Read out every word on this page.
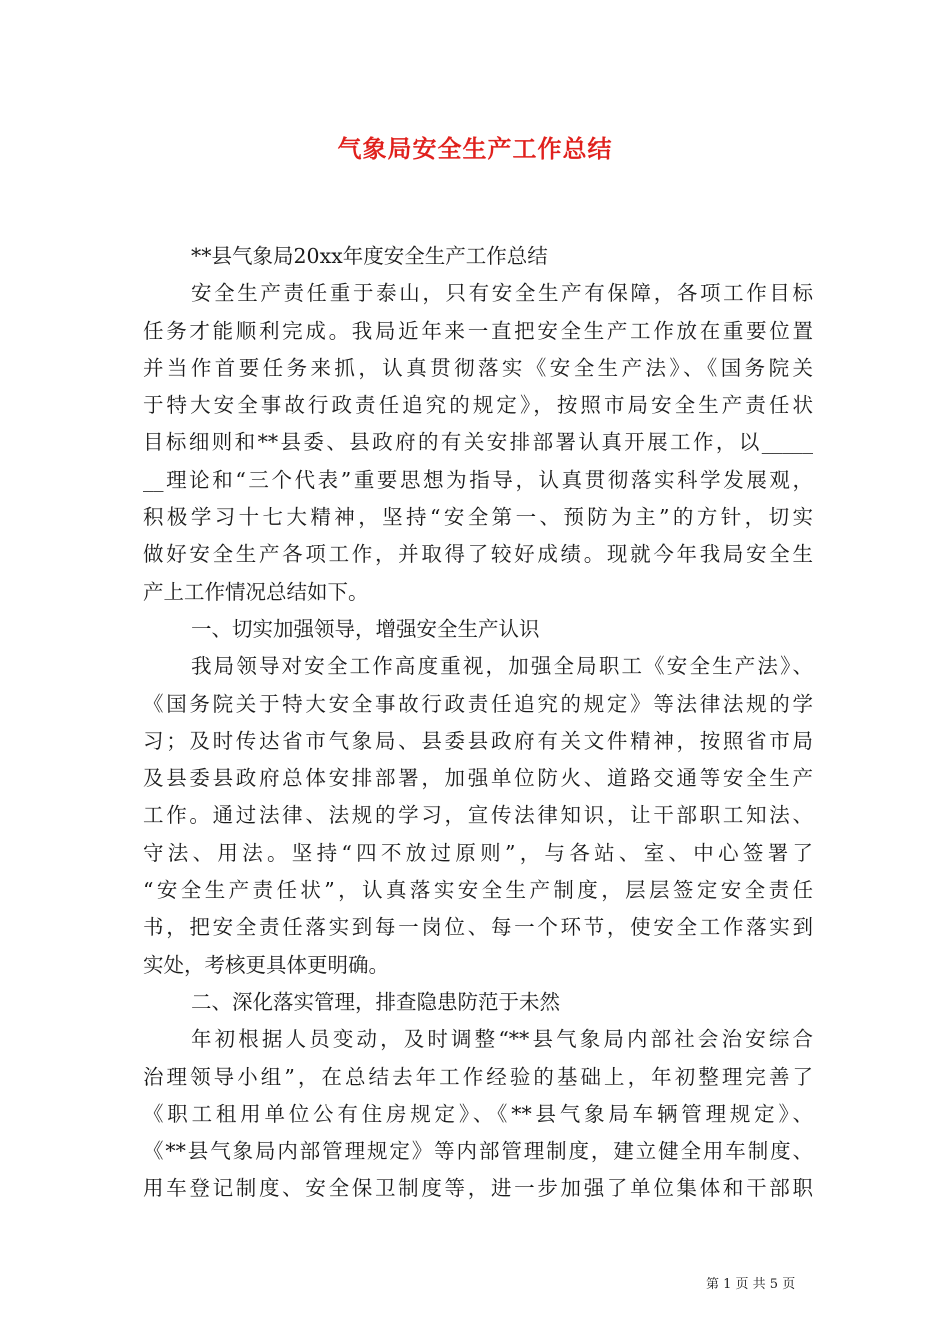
气象局安全生产工作总结
**县气象局20xx年度安全生产工作总结
安全生产责任重于泰山，只有安全生产有保障，各项工作目标
任务才能顺利完成。我局近年来一直把安全生产工作放在重要位置
并当作首要任务来抓，认真贯彻落实《安全生产法》、《国务院关
于特大安全事故行政责任追究的规定》，按照市局安全生产责任状
目标细则和**县委、县政府的有关安排部署认真开展工作，以_____
__理论和“三个代表”重要思想为指导，认真贯彻落实科学发展观，
积极学习十七大精神，坚持“安全第一、预防为主”的方针，切实
做好安全生产各项工作，并取得了较好成绩。现就今年我局安全生
产上工作情况总结如下。
一、切实加强领导，增强安全生产认识
我局领导对安全工作高度重视，加强全局职工《安全生产法》、
《国务院关于特大安全事故行政责任追究的规定》等法律法规的学
习；及时传达省市气象局、县委县政府有关文件精神，按照省市局
及县委县政府总体安排部署，加强单位防火、道路交通等安全生产
工作。通过法律、法规的学习，宣传法律知识，让干部职工知法、
守法、用法。坚持“四不放过原则”，与各站、室、中心签署了
“安全生产责任状”，认真落实安全生产制度，层层签定安全责任
书，把安全责任落实到每一岗位、每一个环节，使安全工作落实到
实处，考核更具体更明确。
二、深化落实管理，排查隐患防范于未然
年初根据人员变动，及时调整“**县气象局内部社会治安综合
治理领导小组”，在总结去年工作经验的基础上，年初整理完善了
《职工租用单位公有住房规定》、《**县气象局车辆管理规定》、
《**县气象局内部管理规定》等内部管理制度，建立健全用车制度、
用车登记制度、安全保卫制度等，进一步加强了单位集体和干部职
第 1 页 共 5 页
